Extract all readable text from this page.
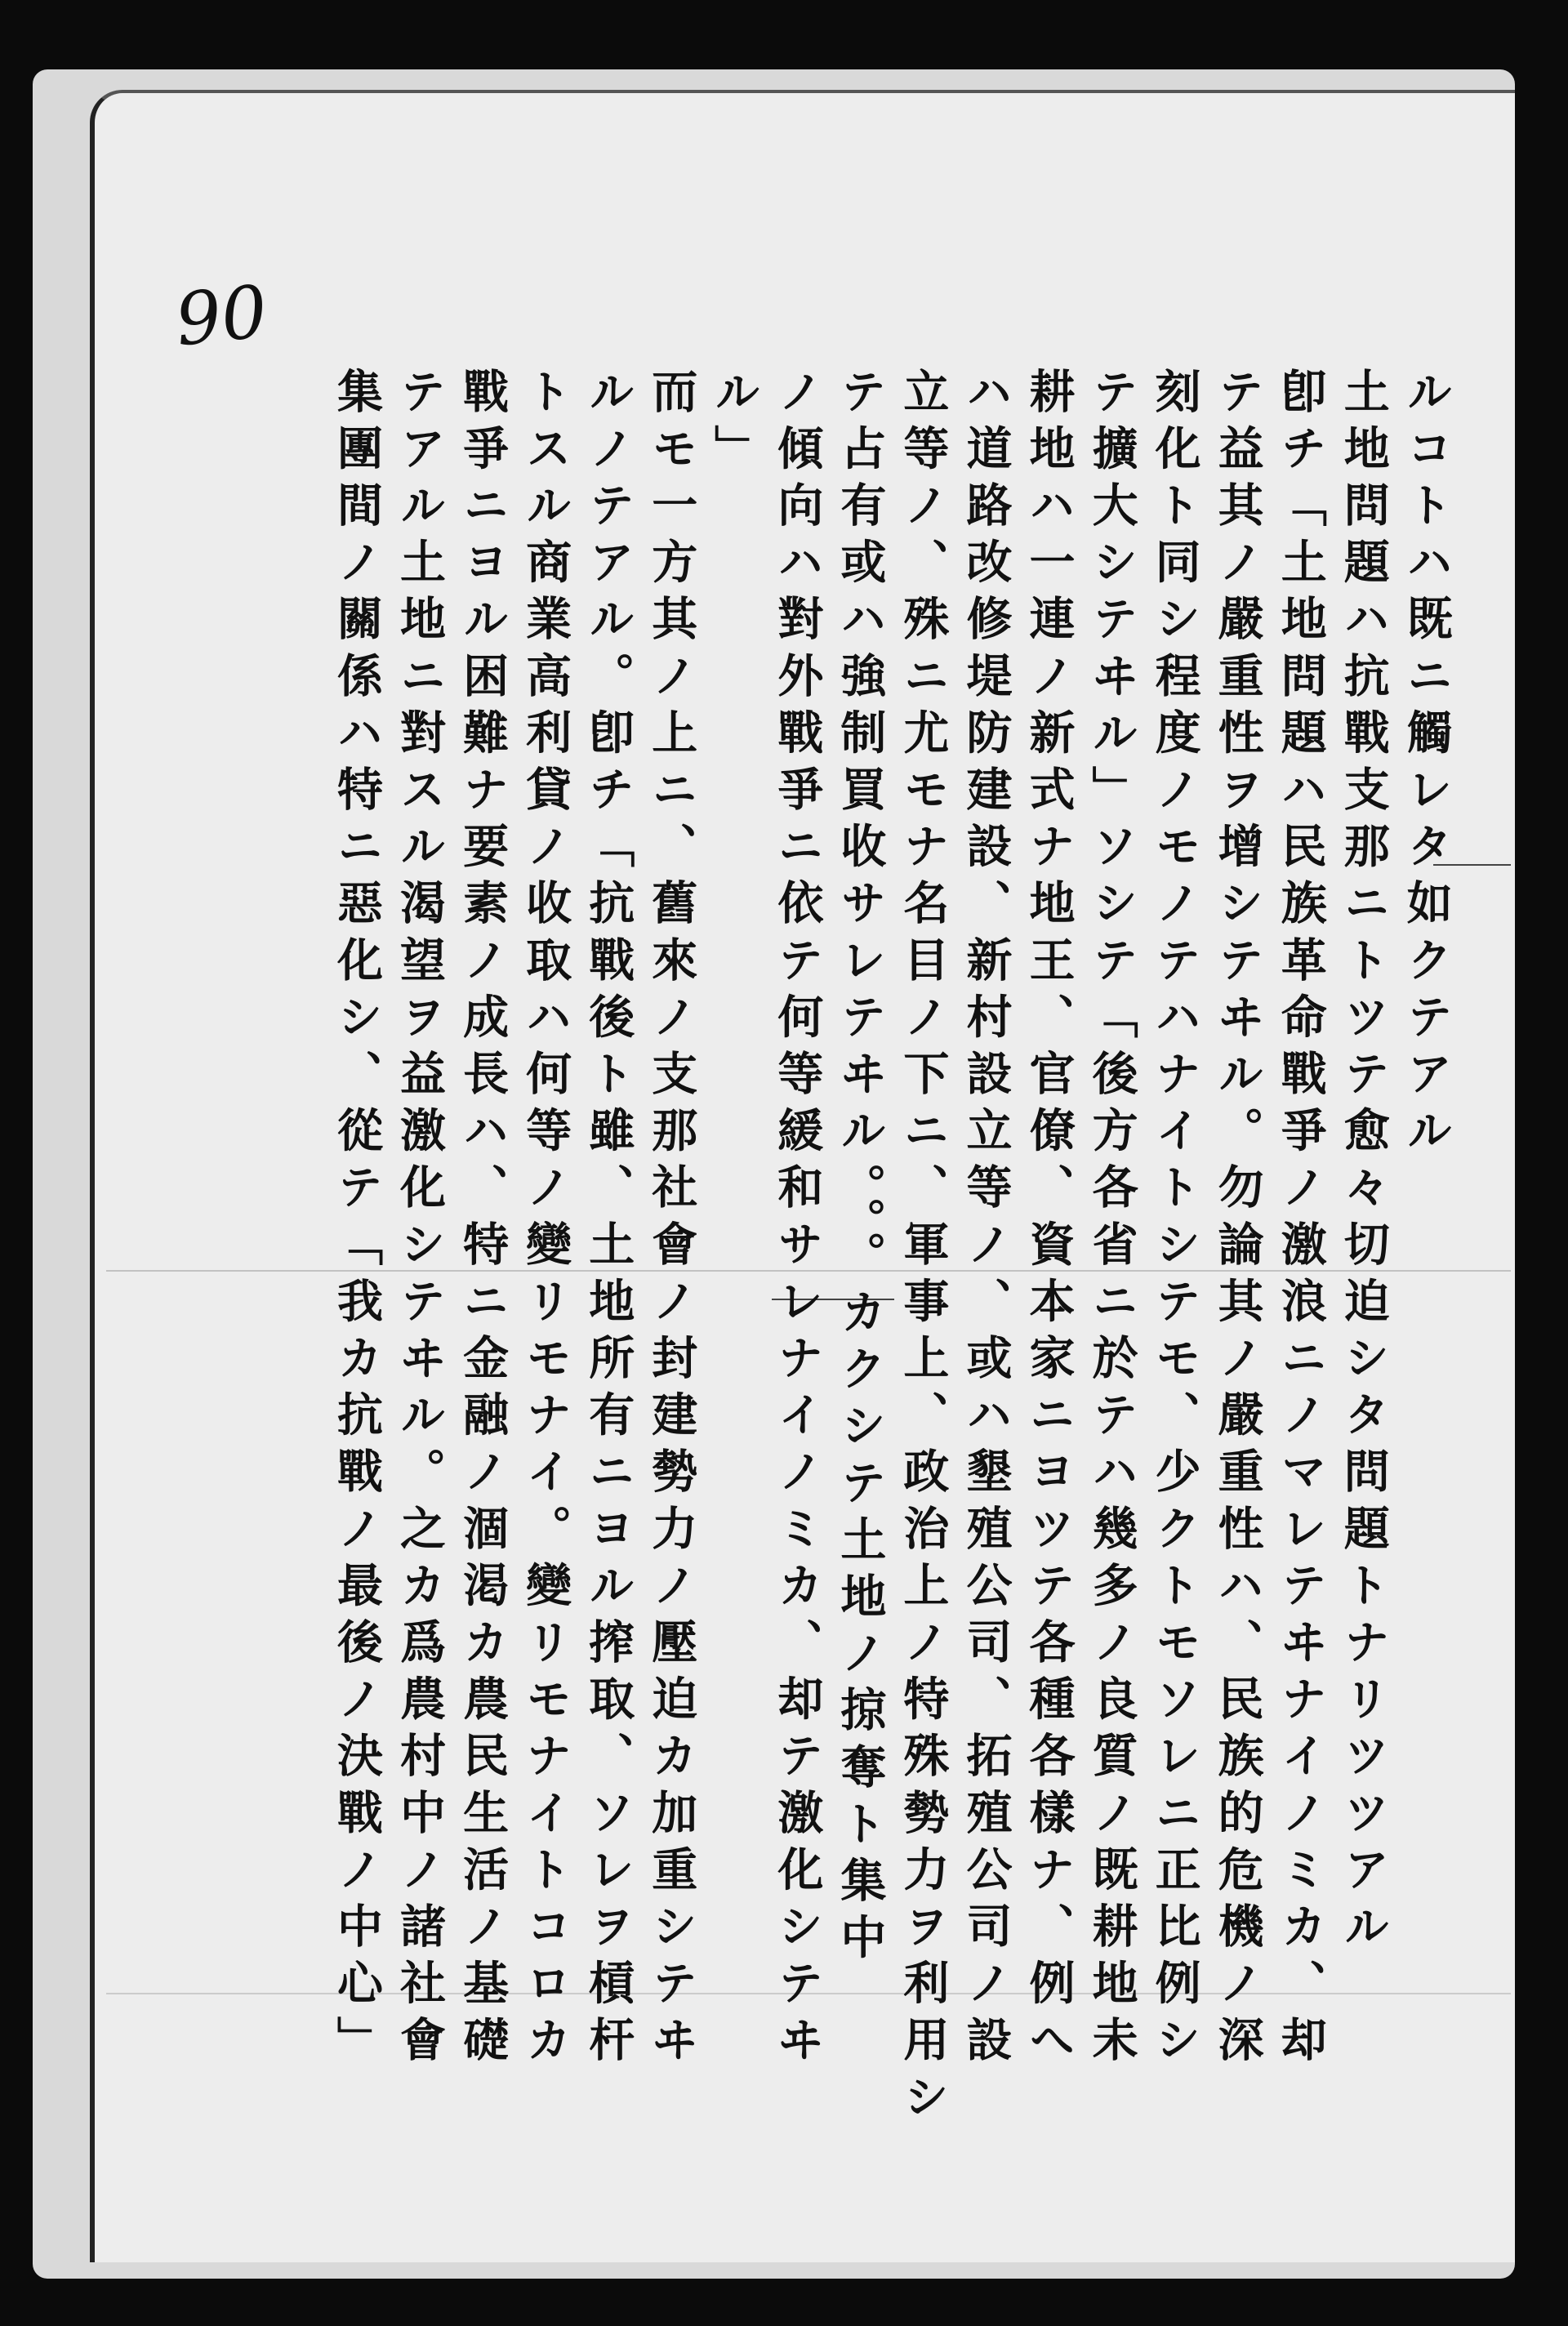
90
ルコトハ既ニ觸レタ如クテアル
土地問題ハ抗戰支那ニトツテ愈々切迫シタ問題トナリツツアル
卽チ「土地問題ハ民族革命戰爭ノ激浪ニノマレテヰナイノミカ、却
テ益其ノ嚴重性ヲ增シテヰル。勿論其ノ嚴重性ハ、民族的危機ノ深
刻化ト同シ程度ノモノテハナイトシテモ、少クトモソレニ正比例シ
テ擴大シテヰル」ソシテ「後方各省ニ於テハ幾多ノ良質ノ既耕地未
耕地ハ一連ノ新式ナ地王、官僚、資本家ニヨツテ各種各樣ナ、例へ
ハ道路改修堤防建設、新村設立等ノ、或ハ墾殖公司、拓殖公司ノ設
立等ノ、殊ニ尤モナ名目ノ下ニ、軍事上、政治上ノ特殊勢力ヲ利用シ
テ占有或ハ強制買收サレテヰル。。。カクシテ土地ノ掠奪ト集中
ノ傾向ハ對外戰爭ニ依テ何等緩和サレナイノミカ、却テ激化シテヰ
ル」
而モ一方其ノ上ニ、舊來ノ支那社會ノ封建勢力ノ壓迫カ加重シテヰ
ルノテアル。卽チ「抗戰後ト雖、土地所有ニヨル搾取、ソレヲ槓杆
トスル商業高利貸ノ收取ハ何等ノ變リモナイ。變リモナイトコロカ
戰爭ニヨル困難ナ要素ノ成長ハ、特ニ金融ノ涸渇カ農民生活ノ基礎
テアル土地ニ對スル渴望ヲ益激化シテヰル。之カ爲農村中ノ諸社會
集團間ノ關係ハ特ニ惡化シ、從テ「我カ抗戰ノ最後ノ決戰ノ中心」
